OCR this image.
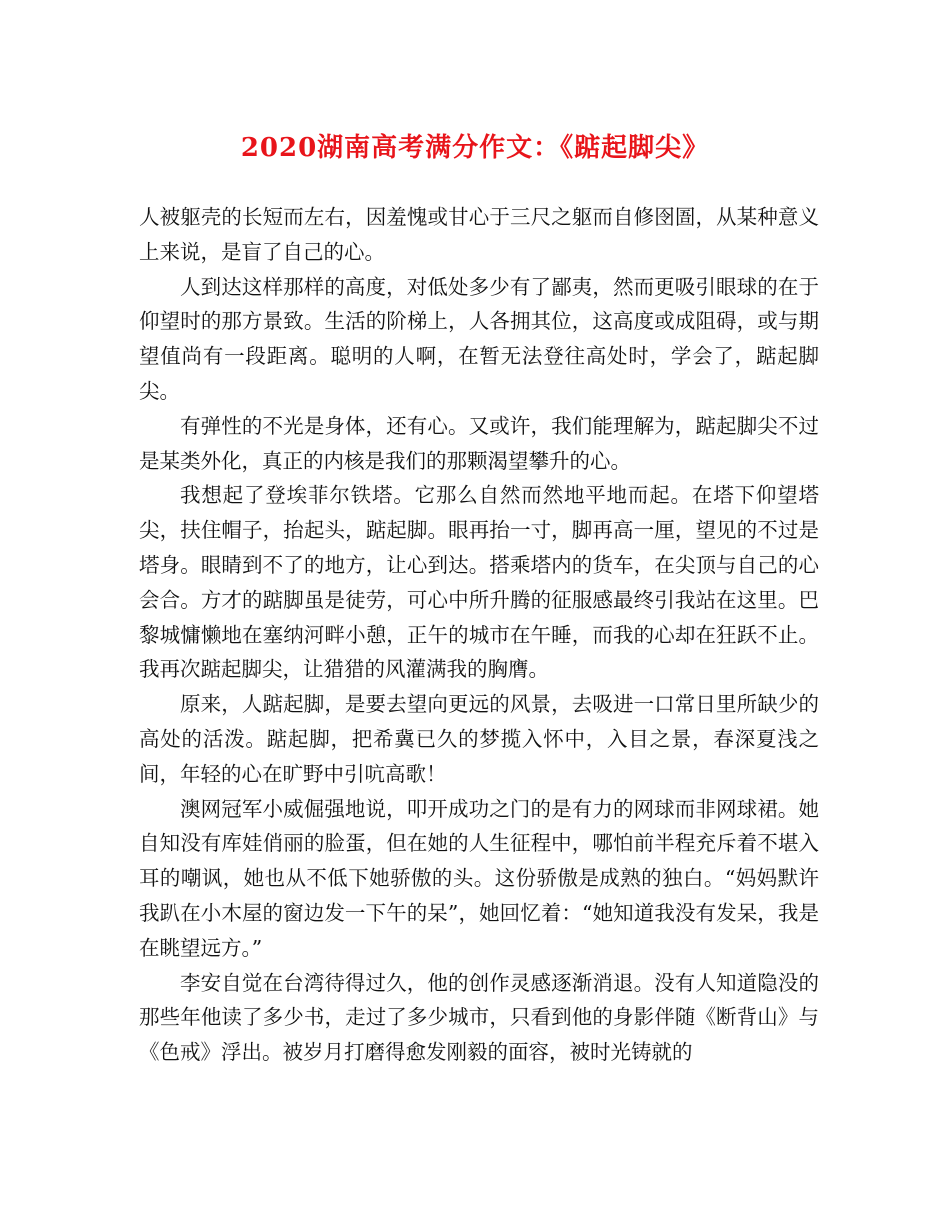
2020湖南高考满分作文：《踮起脚尖》

人被躯壳的长短而左右，因羞愧或甘心于三尺之躯而自修囹圄，从某种意义上来说，是盲了自己的心。

人到达这样那样的高度，对低处多少有了鄙夷，然而更吸引眼球的在于仰望时的那方景致。生活的阶梯上，人各拥其位，这高度或成阻碍，或与期望值尚有一段距离。聪明的人啊，在暂无法登往高处时，学会了，踮起脚尖。

有弹性的不光是身体，还有心。又或许，我们能理解为，踮起脚尖不过是某类外化，真正的内核是我们的那颗渴望攀升的心。

我想起了登埃菲尔铁塔。它那么自然而然地平地而起。在塔下仰望塔尖，扶住帽子，抬起头，踮起脚。眼再抬一寸，脚再高一厘，望见的不过是塔身。眼睛到不了的地方，让心到达。搭乘塔内的货车，在尖顶与自己的心会合。方才的踮脚虽是徒劳，可心中所升腾的征服感最终引我站在这里。巴黎城慵懒地在塞纳河畔小憩，正午的城市在午睡，而我的心却在狂跃不止。我再次踮起脚尖，让猎猎的风灌满我的胸膺。

原来，人踮起脚，是要去望向更远的风景，去吸进一口常日里所缺少的高处的活泼。踮起脚，把希冀已久的梦揽入怀中，入目之景，春深夏浅之间，年轻的心在旷野中引吭高歌！

澳网冠军小威倔强地说，叩开成功之门的是有力的网球而非网球裙。她自知没有库娃俏丽的脸蛋，但在她的人生征程中，哪怕前半程充斥着不堪入耳的嘲讽，她也从不低下她骄傲的头。这份骄傲是成熟的独白。“妈妈默许我趴在小木屋的窗边发一下午的呆”，她回忆着：“她知道我没有发呆，我是在眺望远方。”

李安自觉在台湾待得过久，他的创作灵感逐渐消退。没有人知道隐没的那些年他读了多少书，走过了多少城市，只看到他的身影伴随《断背山》与《色戒》浮出。被岁月打磨得愈发刚毅的面容，被时光铸就的
